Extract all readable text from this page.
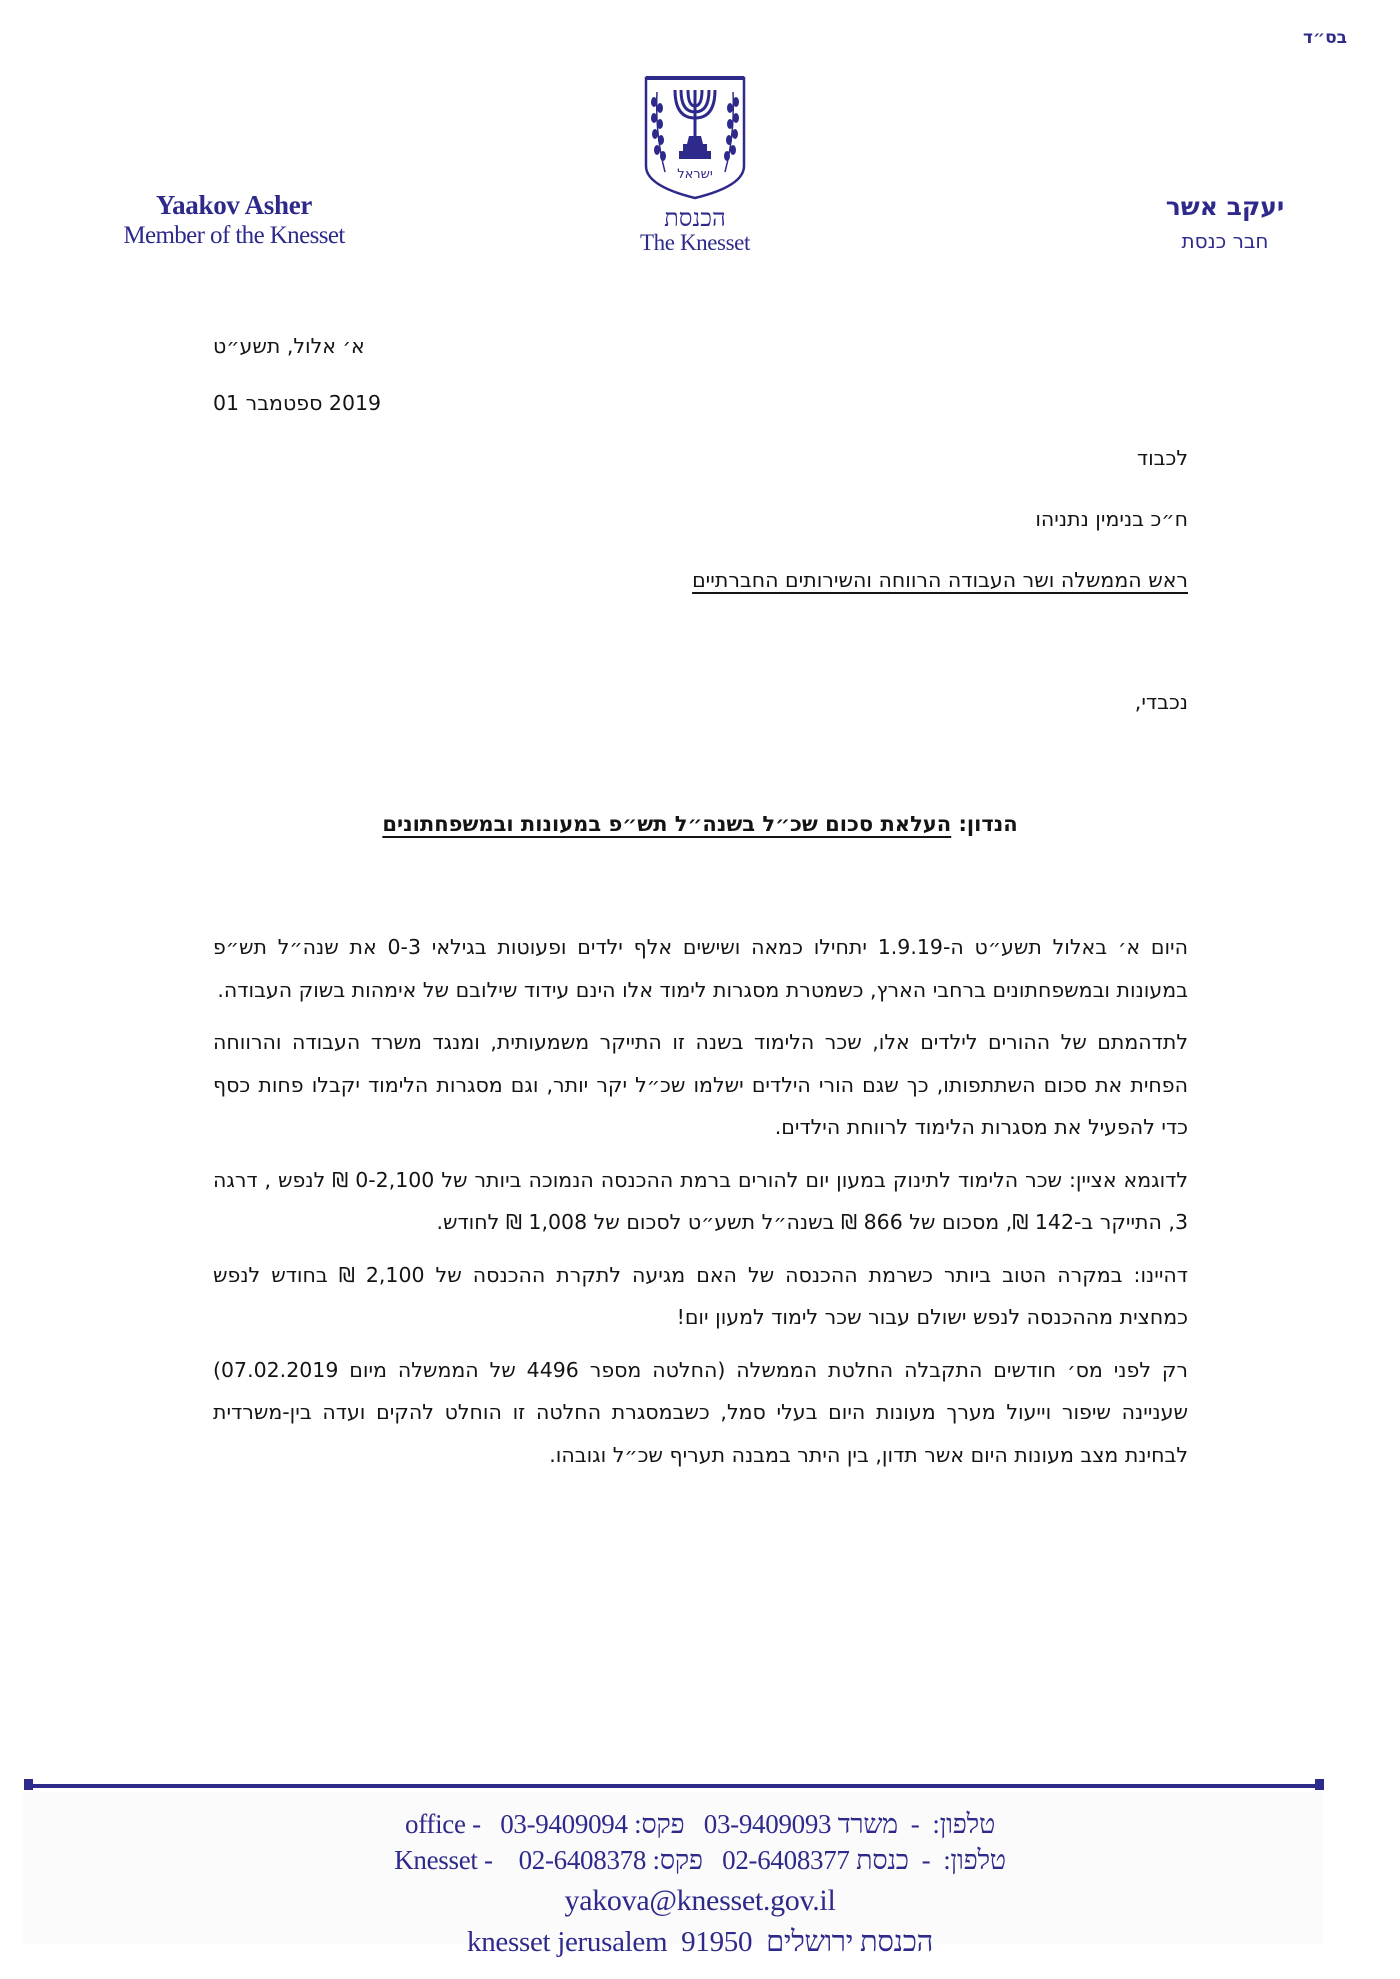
בס״ד
Yaakov Asher
Member of the Knesset
ישראל
הכנסת
The Knesset
יעקב אשר
חבר כנסת
א׳ אלול, תשע״ט
2019 ספטמבר 01
לכבוד
ח״כ בנימין נתניהו
ראש הממשלה ושר העבודה הרווחה והשירותים החברתיים
נכבדי,
הנדון: העלאת סכום שכ״ל בשנה״ל תש״פ במעונות ובמשפחתונים

היום א׳ באלול תשע״ט ה-1.9.19 יתחילו כמאה ושישים אלף ילדים ופעוטות בגילאי 0-3 את שנה״ל תש״פ במעונות ובמשפחתונים ברחבי הארץ, כשמטרת מסגרות לימוד אלו הינם עידוד שילובם של אימהות בשוק העבודה.

לתדהמתם של ההורים לילדים אלו, שכר הלימוד בשנה זו התייקר משמעותית, ומנגד משרד העבודה והרווחה הפחית את סכום השתתפותו, כך שגם הורי הילדים ישלמו שכ״ל יקר יותר, וגם מסגרות הלימוד יקבלו פחות כסף כדי להפעיל את מסגרות הלימוד לרווחת הילדים.

לדוגמא אציין: שכר הלימוד לתינוק במעון יום להורים ברמת ההכנסה הנמוכה ביותר של 0-2,100 ₪ לנפש , דרגה 3, התייקר ב-142 ₪, מסכום של 866 ₪ בשנה״ל תשע״ט לסכום של 1,008 ₪ לחודש.

דהיינו: במקרה הטוב ביותר כשרמת ההכנסה של האם מגיעה לתקרת ההכנסה של 2,100 ₪ בחודש לנפש כמחצית מההכנסה לנפש ישולם עבור שכר לימוד למעון יום!

רק לפני מס׳ חודשים התקבלה החלטת הממשלה (החלטה מספר 4496 של הממשלה מיום 07.02.2019) שעניינה שיפור וייעול מערך מעונות היום בעלי סמל, כשבמסגרת החלטה זו הוחלט להקים ועדה בין-משרדית לבחינת מצב מעונות היום אשר תדון, בין היתר במבנה תעריף שכ״ל וגובהו.

office -   03-9409094 פקס: 03-9409093	טלפון:  -  משרד
Knesset -    02-6408378 פקס: 02-6408377	טלפון:  -  כנסת
yakova@knesset.gov.il
knesset jerusalem 91950 הכנסת ירושלים
